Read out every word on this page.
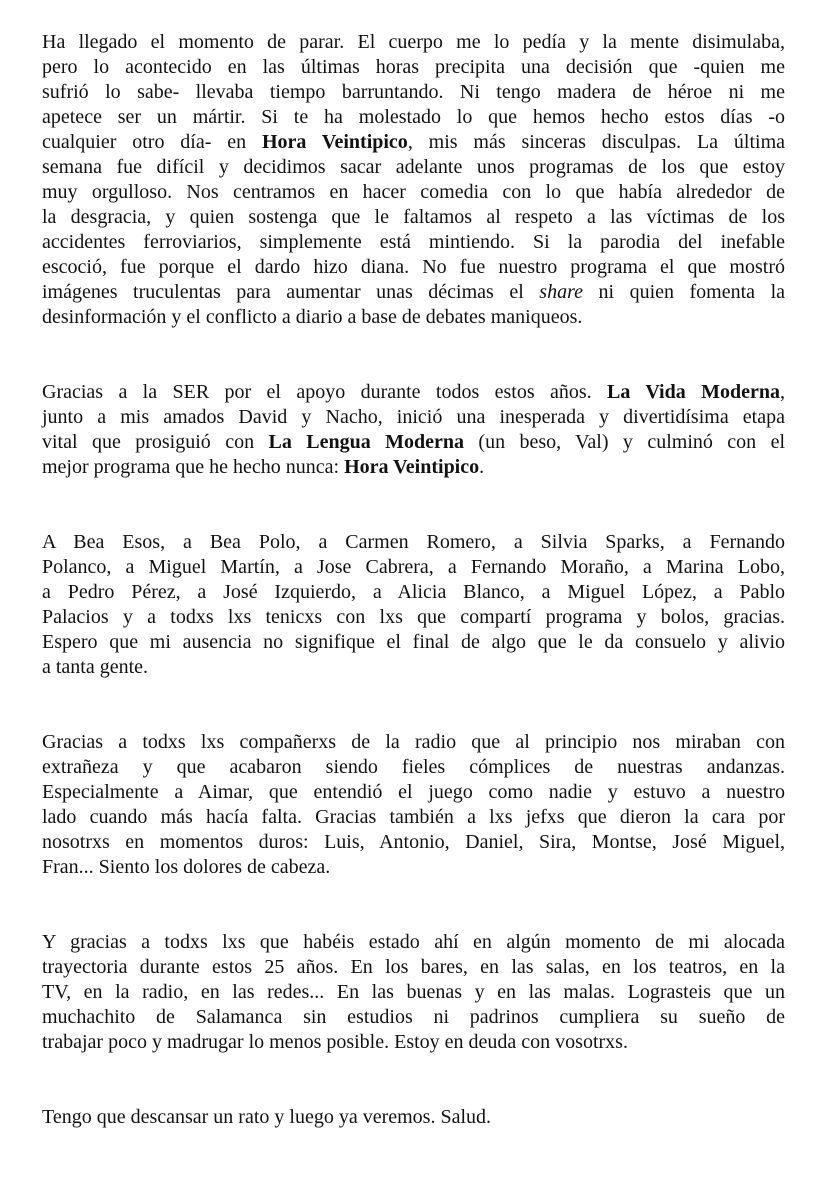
Ha llegado el momento de parar. El cuerpo me lo pedía y la mente disimulaba,
pero lo acontecido en las últimas horas precipita una decisión que -quien me
sufrió lo sabe- llevaba tiempo barruntando. Ni tengo madera de héroe ni me
apetece ser un mártir. Si te ha molestado lo que hemos hecho estos días -o
cualquier otro día- en Hora Veintipico, mis más sinceras disculpas. La última
semana fue difícil y decidimos sacar adelante unos programas de los que estoy
muy orgulloso. Nos centramos en hacer comedia con lo que había alrededor de
la desgracia, y quien sostenga que le faltamos al respeto a las víctimas de los
accidentes ferroviarios, simplemente está mintiendo. Si la parodia del inefable
escoció, fue porque el dardo hizo diana. No fue nuestro programa el que mostró
imágenes truculentas para aumentar unas décimas el share ni quien fomenta la
desinformación y el conflicto a diario a base de debates maniqueos.

Gracias a la SER por el apoyo durante todos estos años. La Vida Moderna,
junto a mis amados David y Nacho, inició una inesperada y divertidísima etapa
vital que prosiguió con La Lengua Moderna (un beso, Val) y culminó con el
mejor programa que he hecho nunca: Hora Veintipico.

A Bea Esos, a Bea Polo, a Carmen Romero, a Silvia Sparks, a Fernando
Polanco, a Miguel Martín, a Jose Cabrera, a Fernando Moraño, a Marina Lobo,
a Pedro Pérez, a José Izquierdo, a Alicia Blanco, a Miguel López, a Pablo
Palacios y a todxs lxs tenicxs con lxs que compartí programa y bolos, gracias.
Espero que mi ausencia no signifique el final de algo que le da consuelo y alivio
a tanta gente.

Gracias a todxs lxs compañerxs de la radio que al principio nos miraban con
extrañeza y que acabaron siendo fieles cómplices de nuestras andanzas.
Especialmente a Aimar, que entendió el juego como nadie y estuvo a nuestro
lado cuando más hacía falta. Gracias también a lxs jefxs que dieron la cara por
nosotrxs en momentos duros: Luis, Antonio, Daniel, Sira, Montse, José Miguel,
Fran... Siento los dolores de cabeza.

Y gracias a todxs lxs que habéis estado ahí en algún momento de mi alocada
trayectoria durante estos 25 años. En los bares, en las salas, en los teatros, en la
TV, en la radio, en las redes... En las buenas y en las malas. Lograsteis que un
muchachito de Salamanca sin estudios ni padrinos cumpliera su sueño de
trabajar poco y madrugar lo menos posible. Estoy en deuda con vosotrxs.

Tengo que descansar un rato y luego ya veremos. Salud.
